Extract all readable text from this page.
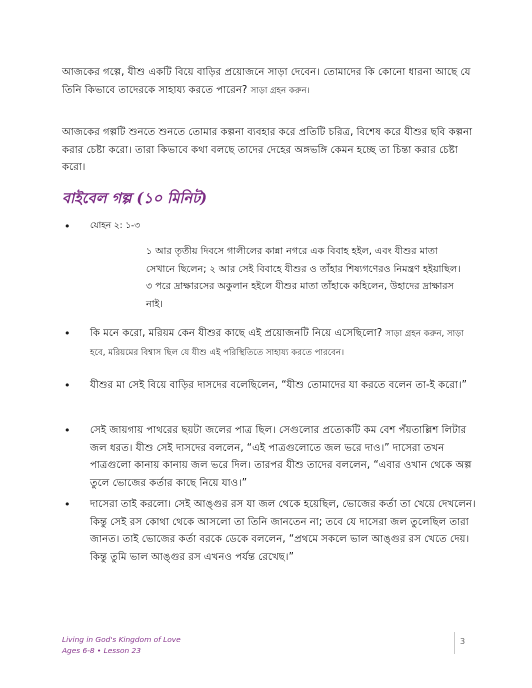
আজকের গল্পে, যীশু একটি বিয়ে বাড়ির প্রয়োজনে সাড়া দেবেন। তোমাদের কি কোনো ধারনা আছে যে তিনি কিভাবে তাদেরকে সাহায্য করতে পারেন? সাড়া গ্রহন করুন।

আজকের গল্পটি শুনতে শুনতে তোমার কল্পনা ব্যবহার করে প্রতিটি চরিত্র, বিশেষ করে যীশুর ছবি কল্পনা করার চেষ্টা করো। তারা কিভাবে কথা বলছে তাদের দেহের অঙ্গভঙ্গি কেমন হচ্ছে তা চিন্তা করার চেষ্টা করো।

বাইবেল গল্প (১০ মিনিট)
•	যোহন ২: ১-৩

১ আর তৃতীয় দিবসে গালীলের কান্না নগরে এক বিবাহ হইল, এবং যীশুর মাতা সেখানে ছিলেন; ২ আর সেই বিবাহে যীশুর ও তাঁহার শিষ্যগণেরও নিমন্ত্রণ হইয়াছিল। ৩ পরে দ্রাক্ষারসের অকুলান হইলে যীশুর মাতা তাঁহাকে কহিলেন, উহাদের দ্রাক্ষারস নাই।

•	কি মনে করো, মরিয়ম কেন যীশুর কাছে এই প্রয়োজনটি নিয়ে এসেছিলো? সাড়া গ্রহন করুন, সাড়া হবে, মরিয়মের বিশ্বাস ছিল যে যীশু এই পরিস্থিতিতে সাহায্য করতে পারবেন।

•	যীশুর মা সেই বিয়ে বাড়ির দাসদের বলেছিলেন, “যীশু তোমাদের যা করতে বলেন তা-ই করো।”

•	সেই জায়গায় পাথরের ছয়টা জলের পাত্র ছিল। সেগুলোর প্রত্যেকটি কম বেশ পঁয়তাল্লিশ লিটার জল ধরত। যীশু সেই দাসদের বললেন, “এই পাত্রগুলোতে জল ভরে দাও।” দাসেরা তখন পাত্রগুলো কানায় কানায় জল ভরে দিল। তারপর যীশু তাদের বললেন, “এবার ওখান থেকে অল্প তুলে ভোজের কর্তার কাছে নিয়ে যাও।”

•	দাসেরা তাই করলো। সেই আঙ্গুর রস যা জল থেকে হয়েছিল, ভোজের কর্তা তা খেয়ে দেখলেন। কিন্তু সেই রস কোথা থেকে আসলো তা তিনি জানতেন না; তবে যে দাসেরা জল তুলেছিল তারা জানত। তাই ভোজের কর্তা বরকে ডেকে বললেন, “প্রথমে সকলে ভাল আঙ্গুর রস খেতে দেয়। কিন্তু তুমি ভাল আঙ্গুর রস এখনও পর্যন্ত রেখেছ।”

Living in God's Kingdom of Love
Ages 6-8 • Lesson 23
3
